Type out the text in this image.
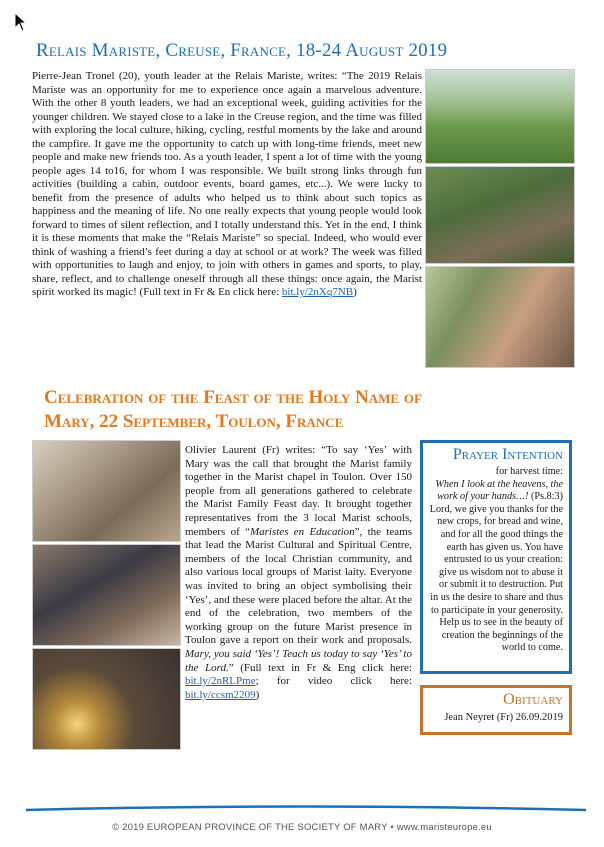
Relais Mariste, Creuse, France, 18-24 August 2019

Pierre-Jean Tronel (20), youth leader at the Relais Mariste, writes: “The 2019 Relais Mariste was an opportunity for me to experience once again a marvelous adventure. With the other 8 youth leaders, we had an exceptional week, guiding activities for the younger children. We stayed close to a lake in the Creuse region, and the time was filled with exploring the local culture, hiking, cycling, restful moments by the lake and around the campfire. It gave me the opportunity to catch up with long-time friends, meet new people and make new friends too. As a youth leader, I spent a lot of time with the young people ages 14 to16, for whom I was responsible. We built strong links through fun activities (building a cabin, outdoor events, board games, etc...). We were lucky to benefit from the presence of adults who helped us to think about such topics as happiness and the meaning of life. No one really expects that young people would look forward to times of silent reflection, and I totally understand this. Yet in the end, I think it is these moments that make the “Relais Mariste” so special. Indeed, who would ever think of washing a friend’s feet during a day at school or at work? The week was filled with opportunities to laugh and enjoy, to join with others in games and sports, to play, share, reflect, and to challenge oneself through all these things: once again, the Marist spirit worked its magic! (Full text in Fr & En click here: bit.ly/2nXq7NB)

Celebration of the Feast of the Holy Name of Mary, 22 September, Toulon, France

Olivier Laurent (Fr) writes: “To say ‘Yes’ with Mary was the call that brought the Marist family together in the Marist chapel in Toulon. Over 150 people from all generations gathered to celebrate the Marist Family Feast day. It brought together representatives from the 3 local Marist schools, members of “Maristes en Education”, the teams that lead the Marist Cultural and Spiritual Centre, members of the local Christian community, and also various local groups of Marist laity. Everyone was invited to bring an object symbolising their ‘Yes’, and these were placed before the altar. At the end of the celebration, two members of the working group on the future Marist presence in Toulon gave a report on their work and proposals. Mary, you said ‘Yes’! Teach us today to say ‘Yes’ to the Lord.” (Full text in Fr & Eng click here: bit.ly/2nRLPme; for video click here: bit.ly/ccsm2209)

Prayer Intention

for harvest time:
When I look at the heavens, the work of your hands…! (Ps.8:3) Lord, we give you thanks for the new crops, for bread and wine, and for all the good things the earth has given us. You have entrusted to us your creation: give us wisdom not to abuse it or submit it to destruction. Put in us the desire to share and thus to participate in your generosity. Help us to see in the beauty of creation the beginnings of the world to come.

Obituary

Jean Neyret (Fr) 26.09.2019

© 2019 EUROPEAN PROVINCE OF THE SOCIETY OF MARY • www.maristeurope.eu
